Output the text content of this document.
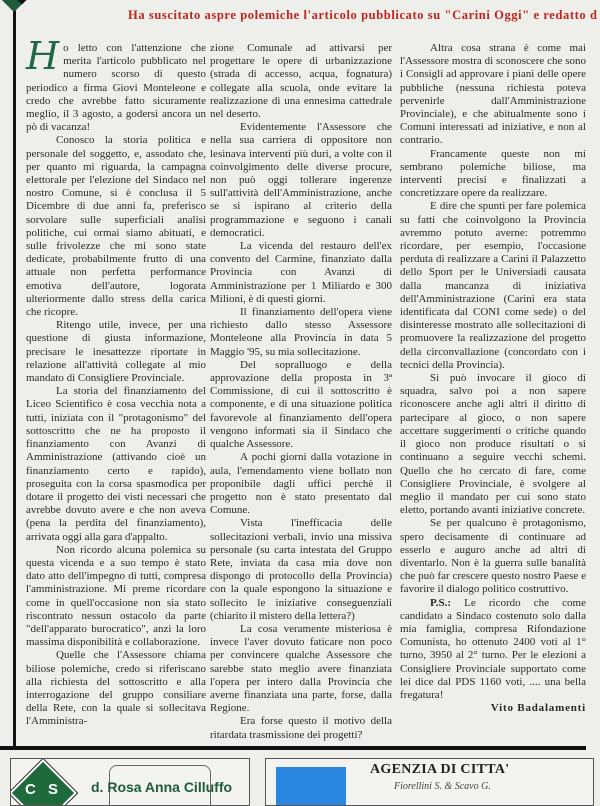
Ha suscitato aspre polemiche l'articolo pubblicato su "Carini Oggi" e redatto d

Ho letto con l'attenzione che merita l'articolo pubblicato nel numero scorso di questo periodico a firma Giovi Monteleone e credo che avrebbe fatto sicuramente meglio, il 3 agosto, a godersi ancora un pò di vacanza!

Conosco la storia politica e personale del soggetto, e, assodato che, per quanto mi riguarda, la campagna elettorale per l'elezione del Sindaco nel nostro Comune, si è conclusa il 5 Dicembre di due anni fa, preferisco sorvolare sulle superficiali analisi politiche, cui ormai siamo abituati, e sulle frivolezze che mi sono state dedicate, probabilmente frutto di una attuale non perfetta performance emotiva dell'autore, logorata ulteriormente dallo stress della carica che ricopre.

Ritengo utile, invece, per una questione di giusta informazione, precisare le inesattezze riportate in relazione all'attività collegate al mio mandato di Consigliere Provinciale.

La storia del finanziamento del Liceo Scientifico è cosa vecchia nota a tutti, iniziata con il "protagonismo" del sottoscritto che ne ha proposto il finanziamento con Avanzi di Amministrazione (attivando cioè un finanziamento certo e rapido), proseguita con la corsa spasmodica per dotare il progetto dei visti necessari che avrebbe dovuto avere e che non aveva (pena la perdita del finanziamento), arrivata oggi alla gara d'appalto.

Non ricordo alcuna polemica su questa vicenda e a suo tempo è stato dato atto dell'impegno di tutti, compresa l'amministrazione. Mi preme ricordare come in quell'occasione non sia stato riscontrato nessun ostacolo da parte "dell'apparato burocratico", anzi la loro massima disponibilità e collaborazione.

Quelle che l'Assessore chiama biliose polemiche, credo si riferiscano alla richiesta del sottoscritto e alla interrogazione del gruppo consiliare della Rete, con la quale si sollecitava l'Amministra-

zione Comunale ad attivarsi per progettare le opere di urbanizzazione (strada di accesso, acqua, fognatura) collegate alla scuola, onde evitare la realizzazione di una ennesima cattedrale nel deserto.

Evidentemente l'Assessore che nella sua carriera di oppositore non lesinava interventi più duri, a volte con il coinvolgimento delle diverse procure, non può oggi tollerare ingerenze sull'attività dell'Amministrazione, anche se si ispirano al criterio della programmazione e seguono i canali democratici.

La vicenda del restauro dell'ex convento del Carmine, finanziato dalla Provincia con Avanzi di Amministrazione per 1 Miliardo e 300 Milioni, è di questi giorni.

Il finanziamento dell'opera viene richiesto dallo stesso Assessore Monteleone alla Provincia in data 5 Maggio '95, su mia sollecitazione.

Del sopralluogo e della approvazione della proposta in 3ª Commissione, di cui il sottoscritto è componente, e di una situazione politica favorevole al finanziamento dell'opera vengono informati sia il Sindaco che qualche Assessore.

A pochi giorni dalla votazione in aula, l'emendamento viene bollato non proponibile dagli uffici perchè il progetto non è stato presentato dal Comune.

Vista l'inefficacia delle sollecitazioni verbali, invio una missiva personale (su carta intestata del Gruppo Rete, inviata da casa mia dove non dispongo di protocollo della Provincia) con la quale espongono la situazione e sollecito le iniziative conseguenziali (chiarito il mistero della lettera?)

La cosa veramente misteriosa è invece l'aver dovuto faticare non poco per convincere qualche Assessore che sarebbe stato meglio avere finanziata l'opera per intero dalla Provincia che averne finanziata una parte, forse, dalla Regione.

Era forse questo il motivo della ritardata trasmissione dei progetti?

Altra cosa strana è come mai l'Assessore mostra di sconoscere che sono i Consigli ad approvare i piani delle opere pubbliche (nessuna richiesta poteva pervenirle dall'Amministrazione Provinciale), e che abitualmente sono i Comuni interessati ad iniziative, e non al contrario.

Francamente queste non mi sembrano polemiche biliose, ma interventi precisi e finalizzati a concretizzare opere da realizzare.

E dire che spunti per fare polemica su fatti che coinvolgono la Provincia avremmo potuto averne: potremmo ricordare, per esempio, l'occasione perduta di realizzare a Carini il Palazzetto dello Sport per le Universiadi causata dalla mancanza di iniziativa dell'Amministrazione (Carini era stata identificata dal CONI come sede) o del disinteresse mostrato alle sollecitazioni di promuovere la realizzazione del progetto della circonvallazione (concordato con i tecnici della Provincia).

Si può invocare il gioco di squadra, salvo poi a non sapere riconoscere anche agli altri il diritto di partecipare al gioco, o non sapere accettare suggerimenti o critiche quando il gioco non produce risultati o si continuano a seguire vecchi schemi. Quello che ho cercato di fare, come Consigliere Provinciale, è svolgere al meglio il mandato per cui sono stato eletto, portando avanti iniziative concrete.

Se per qualcuno è protagonismo, spero decisamente di continuare ad esserlo e auguro anche ad altri di diventarlo. Non è la guerra sulle banalità che può far crescere questo nostro Paese e favorire il dialogo politico costruttivo.

P.S.: Le ricordo che come candidato a Sindaco costenuto solo dalla mia famiglia, compresa Rifondazione Comunista, ho ottenuto 2400 voti al 1° turno, 3950 al 2° turno. Per le elezioni a Consigliere Provinciale supportato come lei dice dal PDS 1160 voti, .... una bella fregatura!

Vito Badalamenti

C S d. Rosa Anna Cilluffo
AGENZIA DI CITTA'
Fiorellini S. & Scavo G.
